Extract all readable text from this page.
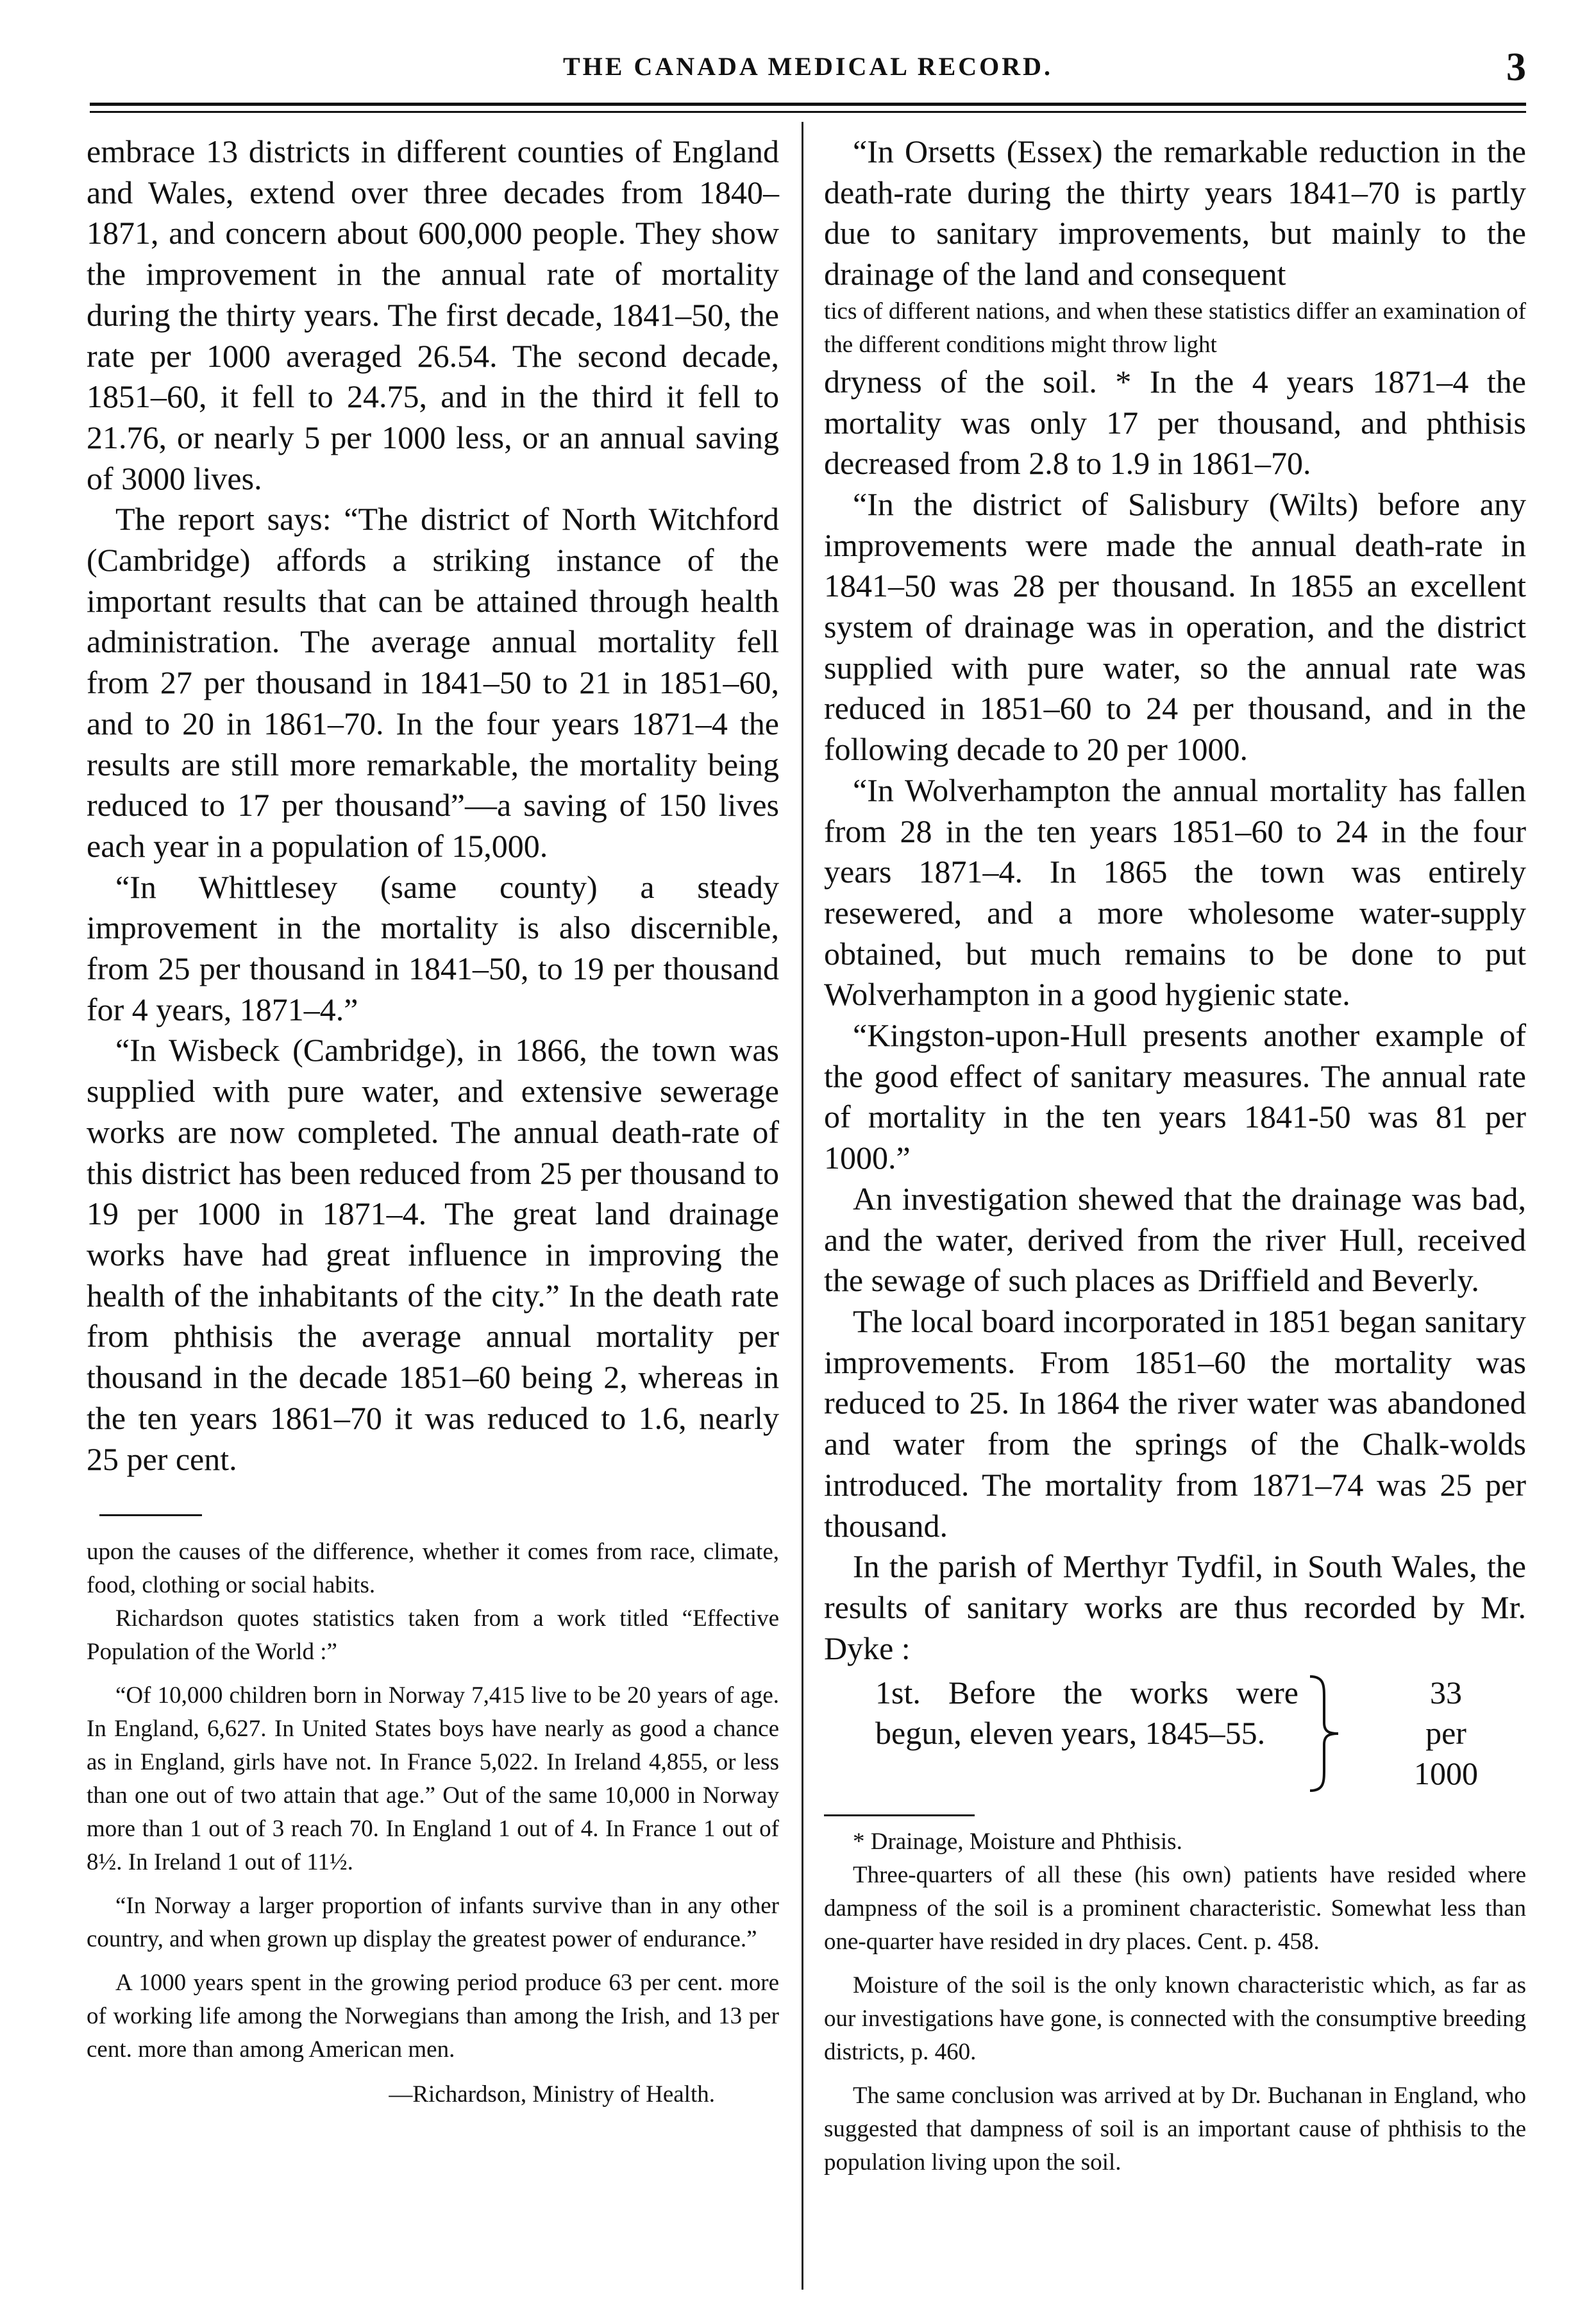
THE CANADA MEDICAL RECORD.	3

embrace 13 districts in different counties of England and Wales, extend over three decades from 1840–1871, and concern about 600,000 people. They show the improvement in the annual rate of mortality during the thirty years. The first decade, 1841–50, the rate per 1000 averaged 26.54. The second decade, 1851–60, it fell to 24.75, and in the third it fell to 21.76, or nearly 5 per 1000 less, or an annual saving of 3000 lives.

The report says: “The district of North Witchford (Cambridge) affords a striking instance of the important results that can be attained through health administration. The average annual mortality fell from 27 per thousand in 1841–50 to 21 in 1851–60, and to 20 in 1861–70. In the four years 1871–4 the results are still more remarkable, the mortality being reduced to 17 per thousand”—a saving of 150 lives each year in a population of 15,000.

“In Whittlesey (same county) a steady improvement in the mortality is also discernible, from 25 per thousand in 1841–50, to 19 per thousand for 4 years, 1871–4.”

“In Wisbeck (Cambridge), in 1866, the town was supplied with pure water, and extensive sewerage works are now completed. The annual death-rate of this district has been reduced from 25 per thousand to 19 per 1000 in 1871–4. The great land drainage works have had great influence in improving the health of the inhabitants of the city.” In the death rate from phthisis the average annual mortality per thousand in the decade 1851–60 being 2, whereas in the ten years 1861–70 it was reduced to 1.6, nearly 25 per cent.

upon the causes of the difference, whether it comes from race, climate, food, clothing or social habits.

Richardson quotes statistics taken from a work titled “Effective Population of the World :”

“Of 10,000 children born in Norway 7,415 live to be 20 years of age. In England, 6,627. In United States boys have nearly as good a chance as in England, girls have not. In France 5,022. In Ireland 4,855, or less than one out of two attain that age.” Out of the same 10,000 in Norway more than 1 out of 3 reach 70. In England 1 out of 4. In France 1 out of 8½. In Ireland 1 out of 11½.

“In Norway a larger proportion of infants survive than in any other country, and when grown up display the greatest power of endurance.”

A 1000 years spent in the growing period produce 63 per cent. more of working life among the Norwegians than among the Irish, and 13 per cent. more than among American men.

—Richardson, Ministry of Health.

“In Orsetts (Essex) the remarkable reduction in the death-rate during the thirty years 1841–70 is partly due to sanitary improvements, but mainly to the drainage of the land and consequent

tics of different nations, and when these statistics differ an examination of the different conditions might throw light

dryness of the soil. * In the 4 years 1871–4 the mortality was only 17 per thousand, and phthisis decreased from 2.8 to 1.9 in 1861–70.

“In the district of Salisbury (Wilts) before any improvements were made the annual death-rate in 1841–50 was 28 per thousand. In 1855 an excellent system of drainage was in operation, and the district supplied with pure water, so the annual rate was reduced in 1851–60 to 24 per thousand, and in the following decade to 20 per 1000.

“In Wolverhampton the annual mortality has fallen from 28 in the ten years 1851–60 to 24 in the four years 1871–4. In 1865 the town was entirely resewered, and a more wholesome water-supply obtained, but much remains to be done to put Wolverhampton in a good hygienic state.

“Kingston-upon-Hull presents another example of the good effect of sanitary measures. The annual rate of mortality in the ten years 1841-50 was 81 per 1000.”

An investigation shewed that the drainage was bad, and the water, derived from the river Hull, received the sewage of such places as Driffield and Beverly.

The local board incorporated in 1851 began sanitary improvements. From 1851–60 the mortality was reduced to 25. In 1864 the river water was abandoned and water from the springs of the Chalk-wolds introduced. The mortality from 1871–74 was 25 per thousand.

In the parish of Merthyr Tydfil, in South Wales, the results of sanitary works are thus recorded by Mr. Dyke :

1st. Before the works were begun, eleven years, 1845–55.
33
per
1000

* Drainage, Moisture and Phthisis.

Three-quarters of all these (his own) patients have resided where dampness of the soil is a prominent characteristic. Somewhat less than one-quarter have resided in dry places. Cent. p. 458.

Moisture of the soil is the only known characteristic which, as far as our investigations have gone, is connected with the consumptive breeding districts, p. 460.

The same conclusion was arrived at by Dr. Buchanan in England, who suggested that dampness of soil is an important cause of phthisis to the population living upon the soil.
